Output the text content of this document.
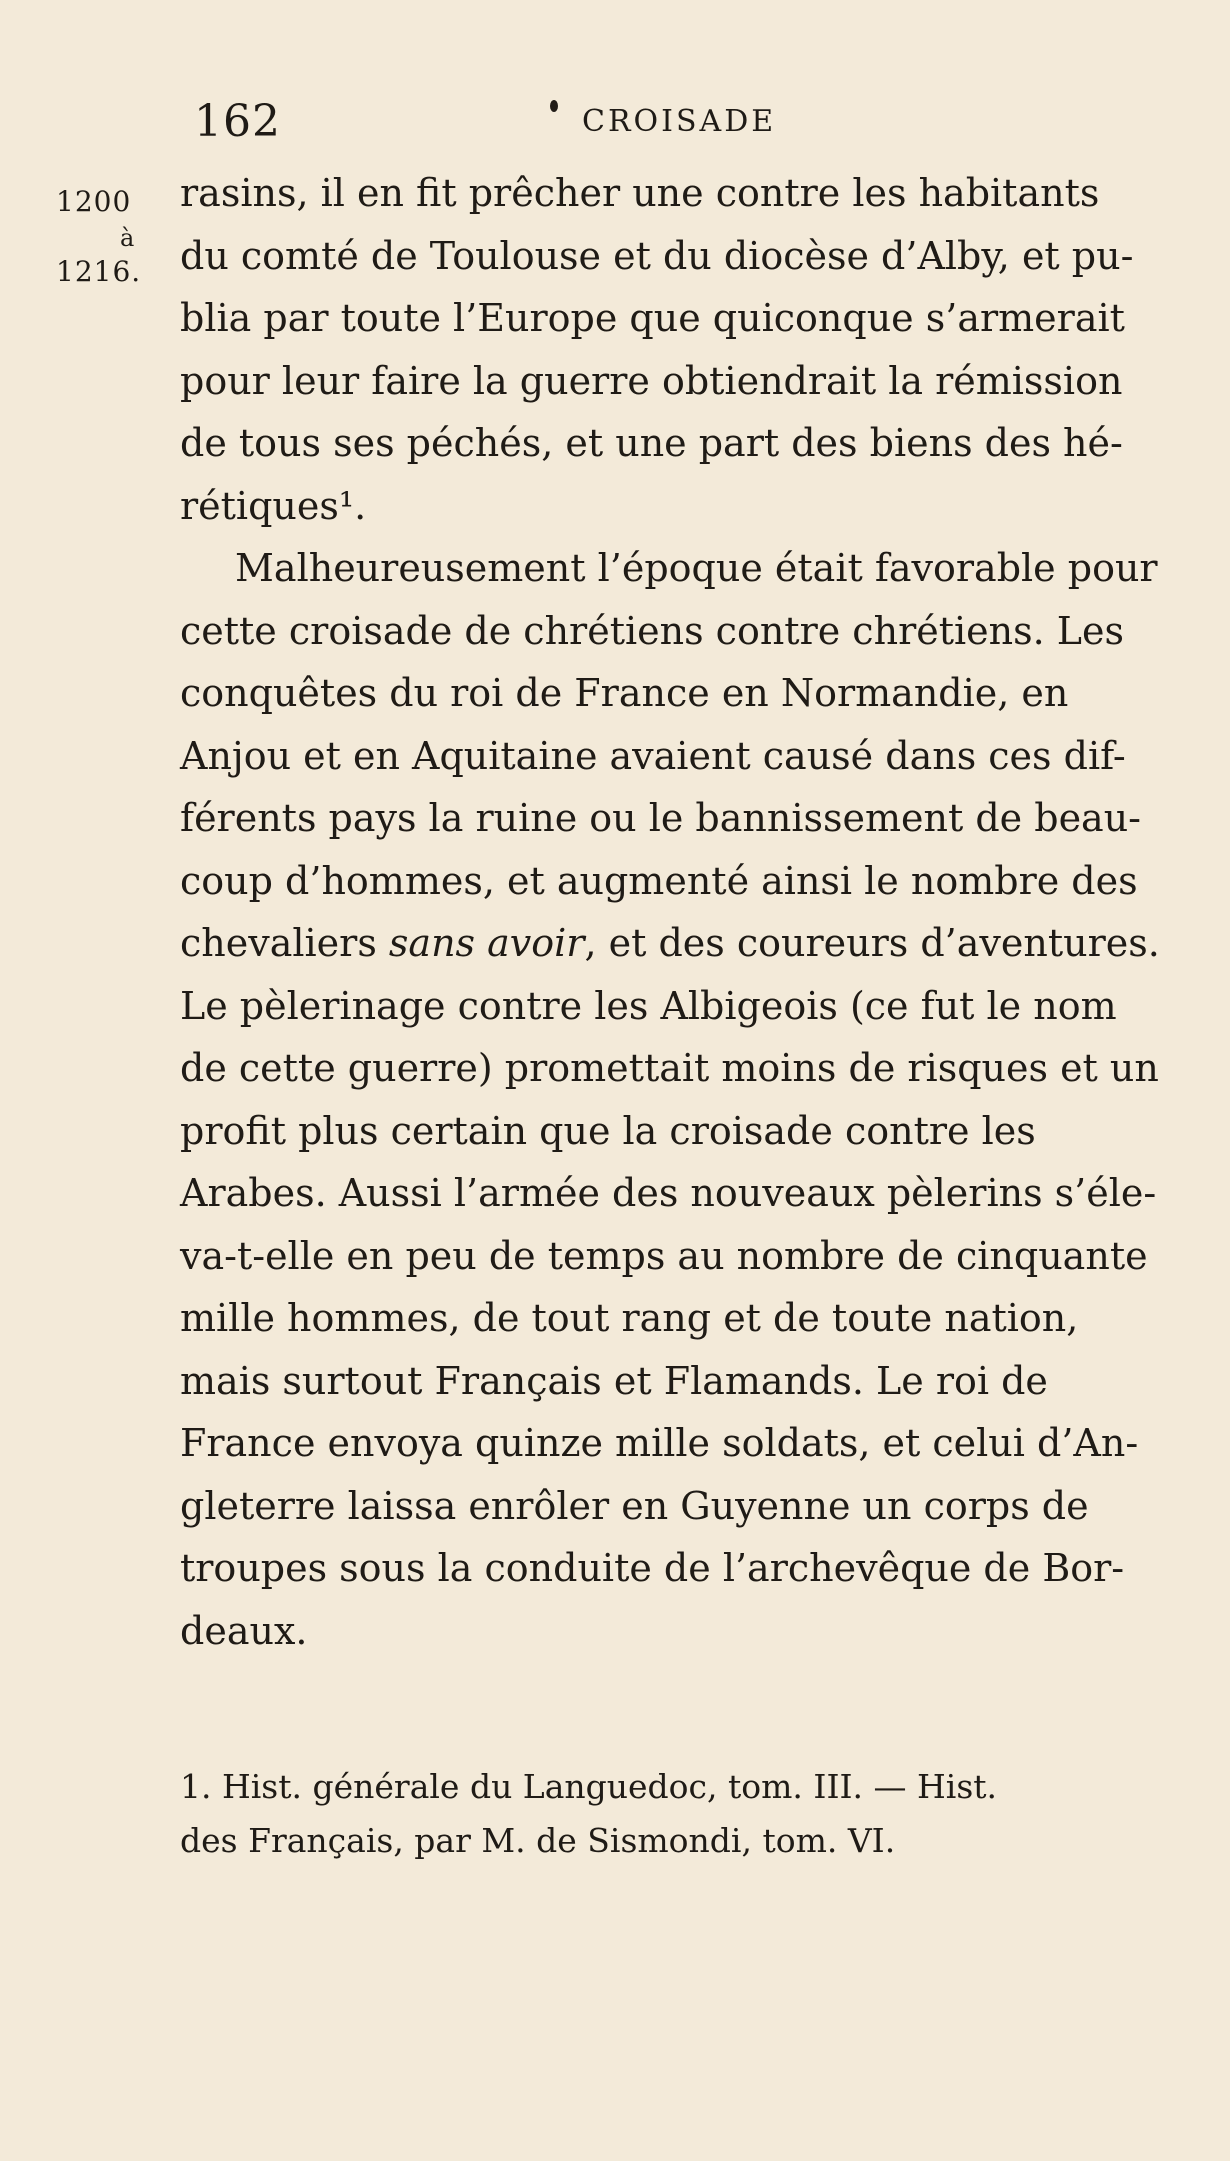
162	CROISADE
1200
à
1216.
rasins, il en fit prêcher une contre les habitants
du comté de Toulouse et du diocèse d’Alby, et pu-
blia par toute l’Europe que quiconque s’armerait
pour leur faire la guerre obtiendrait la rémission
de tous ses péchés, et une part des biens des hé-
rétiques¹.
Malheureusement l’époque était favorable pour
cette croisade de chrétiens contre chrétiens. Les
conquêtes du roi de France en Normandie, en
Anjou et en Aquitaine avaient causé dans ces dif-
férents pays la ruine ou le bannissement de beau-
coup d’hommes, et augmenté ainsi le nombre des
chevaliers sans avoir, et des coureurs d’aventures.
Le pèlerinage contre les Albigeois (ce fut le nom
de cette guerre) promettait moins de risques et un
profit plus certain que la croisade contre les
Arabes. Aussi l’armée des nouveaux pèlerins s’éle-
va-t-elle en peu de temps au nombre de cinquante
mille hommes, de tout rang et de toute nation,
mais surtout Français et Flamands. Le roi de
France envoya quinze mille soldats, et celui d’An-
gleterre laissa enrôler en Guyenne un corps de
troupes sous la conduite de l’archevêque de Bor-
deaux.
1. Hist. générale du Languedoc, tom. III. — Hist.
des Français, par M. de Sismondi, tom. VI.
